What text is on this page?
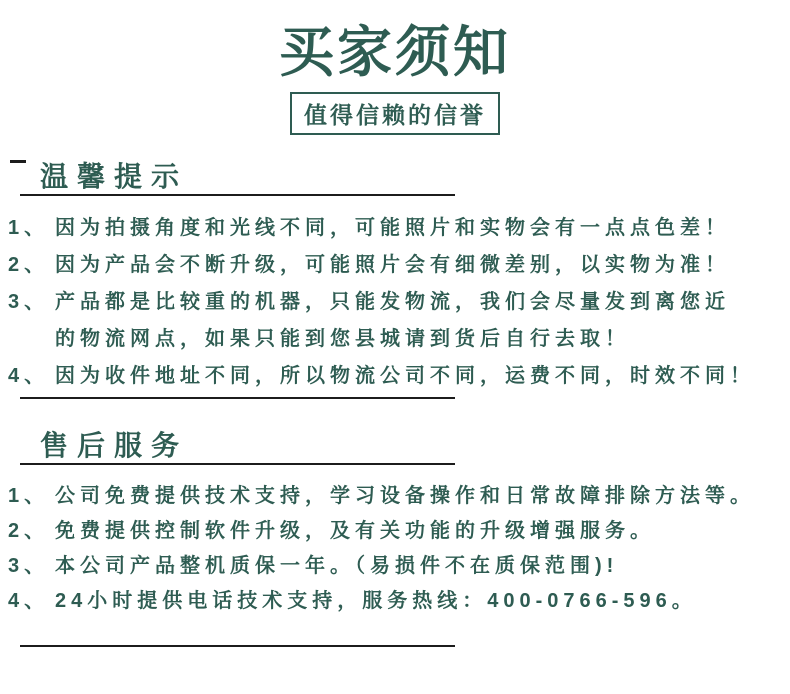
买家须知
值得信赖的信誉
温馨提示
1、 因为拍摄角度和光线不同，可能照片和实物会有一点点色差！
2、 因为产品会不断升级，可能照片会有细微差别，以实物为准！
3、 产品都是比较重的机器，只能发物流，我们会尽量发到离您近
的物流网点，如果只能到您县城请到货后自行去取！
4、 因为收件地址不同，所以物流公司不同，运费不同，时效不同！
售后服务
1、 公司免费提供技术支持，学习设备操作和日常故障排除方法等。
2、 免费提供控制软件升级，及有关功能的升级增强服务。
3、 本公司产品整机质保一年。（易损件不在质保范围)!
4、 24小时提供电话技术支持，服务热线：400-0766-596。
